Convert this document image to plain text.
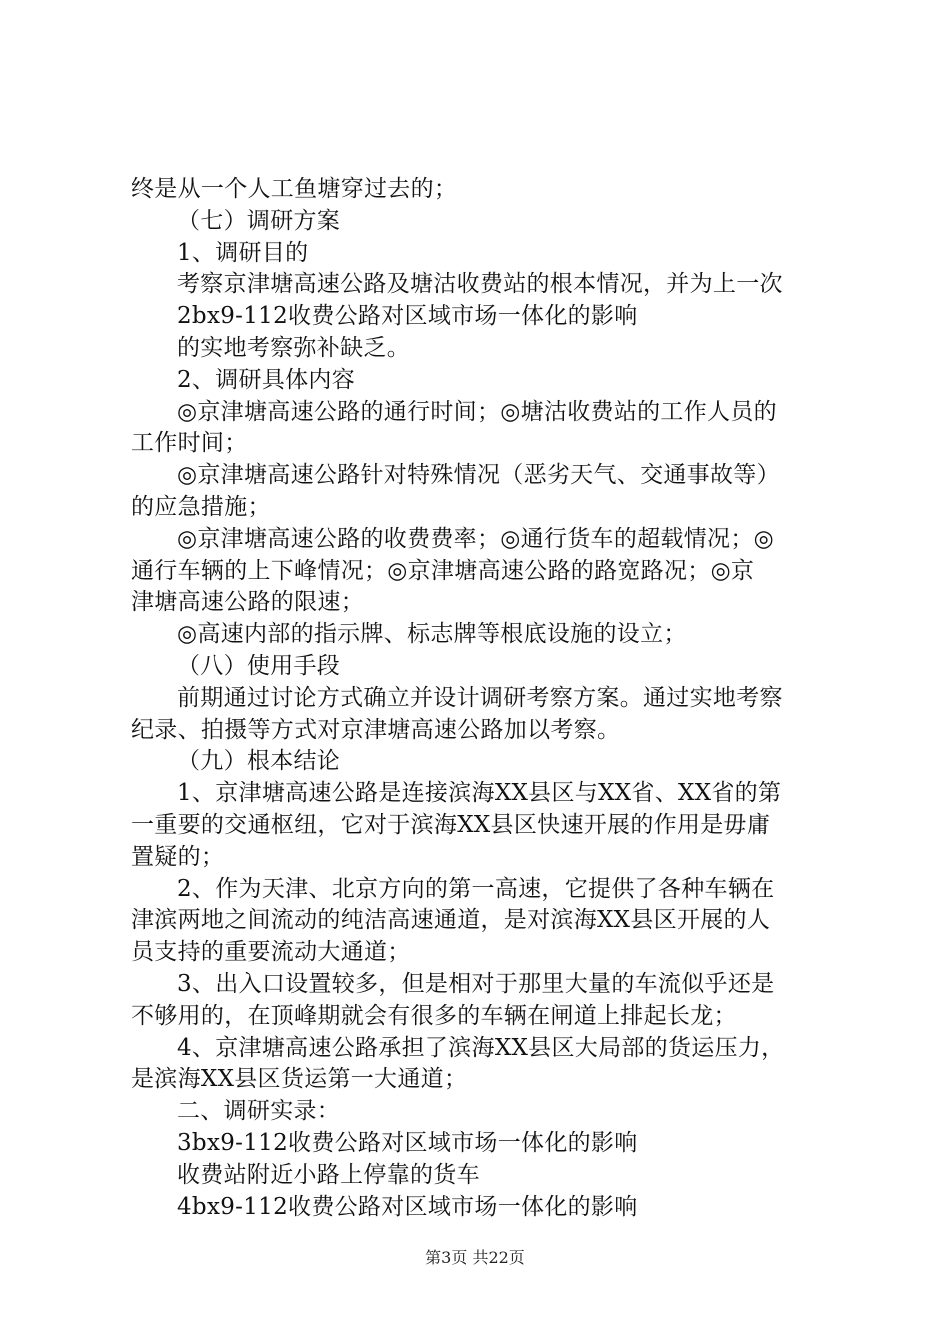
终是从一个人工鱼塘穿过去的；
（七）调研方案
1、调研目的
考察京津塘高速公路及塘沽收费站的根本情况，并为上一次
2bx9-112收费公路对区域市场一体化的影响
的实地考察弥补缺乏。
2、调研具体内容
◎京津塘高速公路的通行时间；◎塘沽收费站的工作人员的
工作时间；
◎京津塘高速公路针对特殊情况（恶劣天气、交通事故等）
的应急措施；
◎京津塘高速公路的收费费率；◎通行货车的超载情况；◎
通行车辆的上下峰情况；◎京津塘高速公路的路宽路况；◎京
津塘高速公路的限速；
◎高速内部的指示牌、标志牌等根底设施的设立；
（八）使用手段
前期通过讨论方式确立并设计调研考察方案。通过实地考察
纪录、拍摄等方式对京津塘高速公路加以考察。
（九）根本结论
1、京津塘高速公路是连接滨海XX县区与XX省、XX省的第
一重要的交通枢纽，它对于滨海XX县区快速开展的作用是毋庸
置疑的；
2、作为天津、北京方向的第一高速，它提供了各种车辆在
津滨两地之间流动的纯洁高速通道，是对滨海XX县区开展的人
员支持的重要流动大通道；
3、出入口设置较多，但是相对于那里大量的车流似乎还是
不够用的，在顶峰期就会有很多的车辆在闸道上排起长龙；
4、京津塘高速公路承担了滨海XX县区大局部的货运压力，
是滨海XX县区货运第一大通道；
二、调研实录：
3bx9-112收费公路对区域市场一体化的影响
收费站附近小路上停靠的货车
4bx9-112收费公路对区域市场一体化的影响
第3页 共22页
